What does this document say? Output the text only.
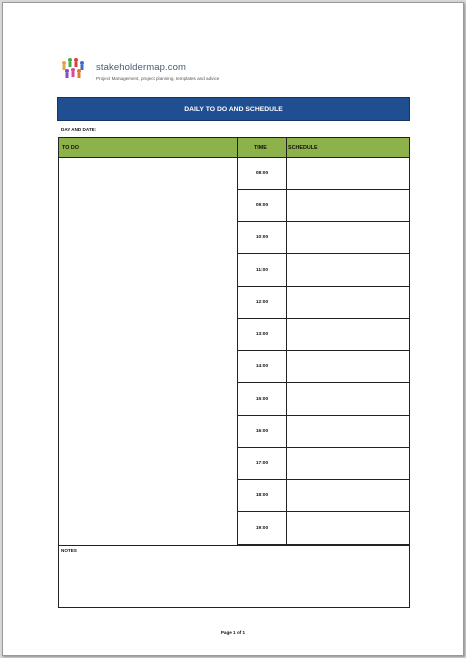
stakeholdermap.com
Project Management, project planning, templates and advice
DAILY TO DO AND SCHEDULE
DAY AND DATE:
TO DO	TIME	SCHEDULE
08:00
09:00
10:00
11:00
12:00
13:00
14:00
15:00
16:00
17:00
18:00
19:00
NOTES
Page 1 of 1
